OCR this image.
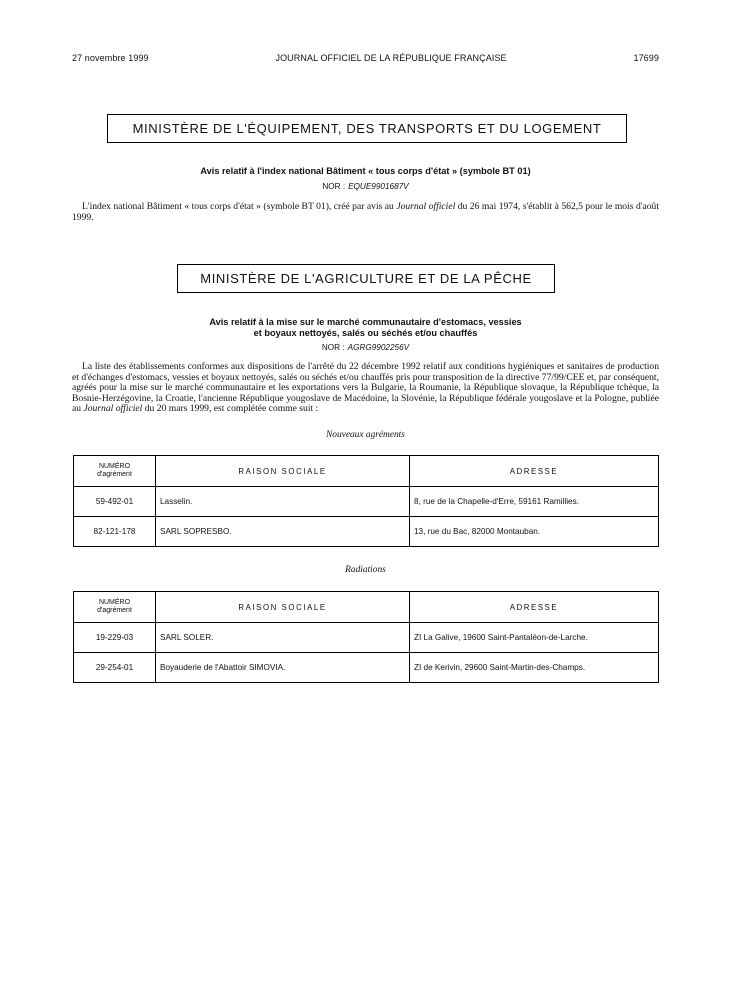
27 novembre 1999	JOURNAL OFFICIEL DE LA RÉPUBLIQUE FRANÇAISE	17699
MINISTÈRE DE L'ÉQUIPEMENT, DES TRANSPORTS ET DU LOGEMENT
Avis relatif à l'index national Bâtiment « tous corps d'état » (symbole BT 01)
NOR : EQUE9901687V

L'index national Bâtiment « tous corps d'état » (symbole BT 01), créé par avis au Journal officiel du 26 mai 1974, s'établit à 562,5 pour le mois d'août 1999.

MINISTÈRE DE L'AGRICULTURE ET DE LA PÊCHE
Avis relatif à la mise sur le marché communautaire d'estomacs, vessies
et boyaux nettoyés, salés ou séchés et/ou chauffés
NOR : AGRG9902256V

La liste des établissements conformes aux dispositions de l'arrêté du 22 décembre 1992 relatif aux conditions hygiéniques et sanitaires de production et d'échanges d'estomacs, vessies et boyaux nettoyés, salés ou séchés et/ou chauffés pris pour transposition de la directive 77/99/CEE et, par conséquent, agréés pour la mise sur le marché communautaire et les exportations vers la Bulgarie, la Roumanie, la République slovaque, la République tchèque, la Bosnie-Herzégovine, la Croatie, l'ancienne République yougoslave de Macédoine, la Slovénie, la République fédérale yougoslave et la Pologne, publiée au Journal officiel du 20 mars 1999, est complétée comme suit :

Nouveaux agréments
NUMÉRO
d'agrément	RAISON SOCIALE	ADRESSE
59-492-01	Lasselin.	8, rue de la Chapelle-d'Erre, 59161 Ramillies.
82-121-178	SARL SOPRESBO.	13, rue du Bac, 82000 Montauban.
Radiations
NUMÉRO
d'agrément	RAISON SOCIALE	ADRESSE
19-229-03	SARL SOLER.	ZI La Galive, 19600 Saint-Pantaléon-de-Larche.
29-254-01	Boyauderie de l'Abattoir SIMOVIA.	ZI de Kerivin, 29600 Saint-Martin-des-Champs.
